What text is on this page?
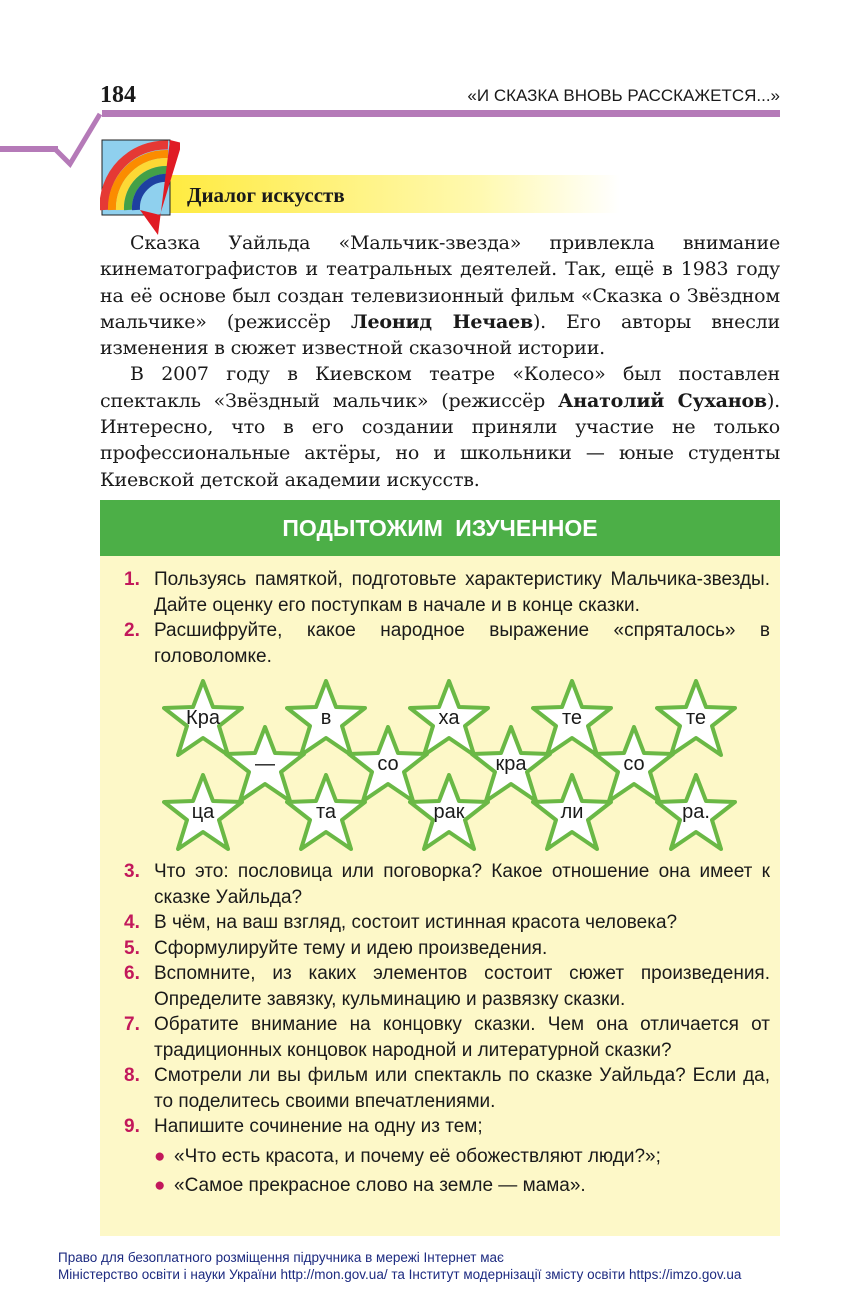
184	«И СКАЗКА ВНОВЬ РАССКАЖЕТСЯ...»
Диалог искусств

Сказка Уайльда «Мальчик-звезда» привлекла внимание кинематографистов и театральных деятелей. Так, ещё в 1983 году на её основе был создан телевизионный фильм «Сказка о Звёздном мальчике» (режиссёр Леонид Нечаев). Его авторы внесли изменения в сюжет известной сказочной истории.

В 2007 году в Киевском театре «Колесо» был поставлен спектакль «Звёздный мальчик» (режиссёр Анатолий Суханов). Интересно, что в его создании приняли участие не только профессиональные актёры, но и школьники — юные студенты Киевской детской академии искусств.

ПОДЫТОЖИМ ИЗУЧЕННОЕ
1. Пользуясь памяткой, подготовьте характеристику Мальчика-звезды. Дайте оценку его поступкам в начале и в конце сказки.
2. Расшифруйте, какое народное выражение «спряталось» в головоломке.
Кра	в	ха	те	те
—	со	кра	со
ца	та	рак	ли	ра.
3. Что это: пословица или поговорка? Какое отношение она имеет к сказке Уайльда?
4. В чём, на ваш взгляд, состоит истинная красота человека?
5. Сформулируйте тему и идею произведения.
6. Вспомните, из каких элементов состоит сюжет произведения. Определите завязку, кульминацию и развязку сказки.
7. Обратите внимание на концовку сказки. Чем она отличается от традиционных концовок народной и литературной сказки?
8. Смотрели ли вы фильм или спектакль по сказке Уайльда? Если да, то поделитесь своими впечатлениями.
9. Напишите сочинение на одну из тем;
● «Что есть красота, и почему её обожествляют люди?»;
● «Самое прекрасное слово на земле — мама».
Право для безоплатного розміщення підручника в мережі Інтернет має
Міністерство освіти і науки України http://mon.gov.ua/ та Інститут модернізації змісту освіти https://imzo.gov.ua
